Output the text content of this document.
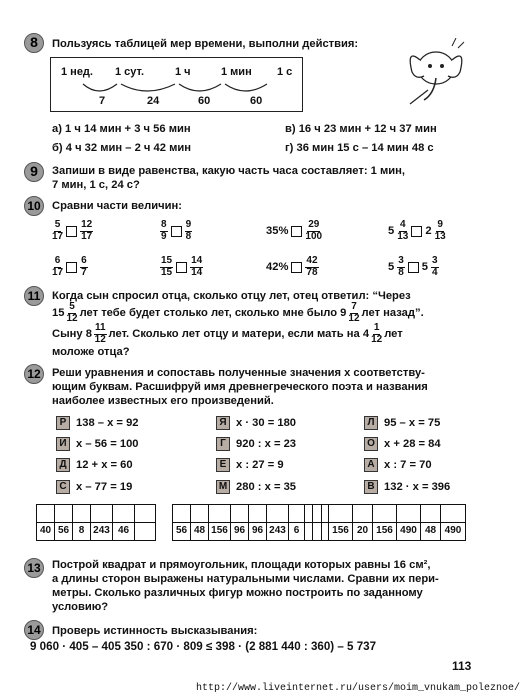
8	Пользуясь таблицей мер времени, выполни действия:
1 нед. 1 сут.	1 ч	1 мин 1 с
7	24	60	60
а) 1 ч 14 мин + 3 ч 56 мин	в) 16 ч 23 мин + 12 ч 37 мин
б) 4 ч 32 мин – 2 ч 42 мин	г) 36 мин 15 с – 14 мин 48 с
9	Запиши в виде равенства, какую часть часа составляет: 1 мин,
7 мин, 1 с, 24 с?
10 Сравни части величин:
$\frac{5}{17} \frac{12}{17}$	$\frac{8}{9} \frac{9}{8}$	$35\% \frac{29}{100}$	$5 \frac{4}{13} 2 \frac{9}{13}$
$\frac{6}{17} \frac{6}{7}$	$\frac{15}{15} \frac{14}{14}$	$42\% \frac{42}{78}$	$5 \frac{3}{8} 5 \frac{3}{4}$
11	Когда сын спросил отца, сколько отцу лет, отец ответил: “Через
$15 \frac{5}{12}$ лет тебе будет столько лет, сколько мне было $9 \frac{7}{12}$ лет назад”.
Сыну $8 \frac{11}{12}$ лет. Сколько лет отцу и матери, если мать на $4 \frac{1}{12}$ лет
моложе отца?
12 Реши уравнения и сопоставь полученные значения x соответству-
ющим буквам. Расшифруй имя древнегреческого поэта и названия
наиболее известных его произведений.
Р 138 – x = 92
И x – 56 = 100
Д 12 + x = 60
С x – 77 = 19
Я x · 30 = 180
Г 920 : x = 23
Е x : 27 = 9
М 280 : x = 35
Л 95 – x = 75
О x + 28 = 84
А x : 7 = 70
В 132 · x = 396
40 56 8 243 46	56 48 156 96 96 243 6	156 20 156 490 48 490
13 Построй квадрат и прямоугольник, площади которых равны 16 см²,
а длины сторон выражены натуральными числами. Сравни их пери-
метры. Сколько различных фигур можно построить по заданному
условию?
14 Проверь истинность высказывания:
9 060 · 405 – 405 350 : 670 · 809 ≤ 398 · (2 881 440 : 360) – 5 737
113
http://www.liveinternet.ru/users/moim_vnukam_poleznoe/
